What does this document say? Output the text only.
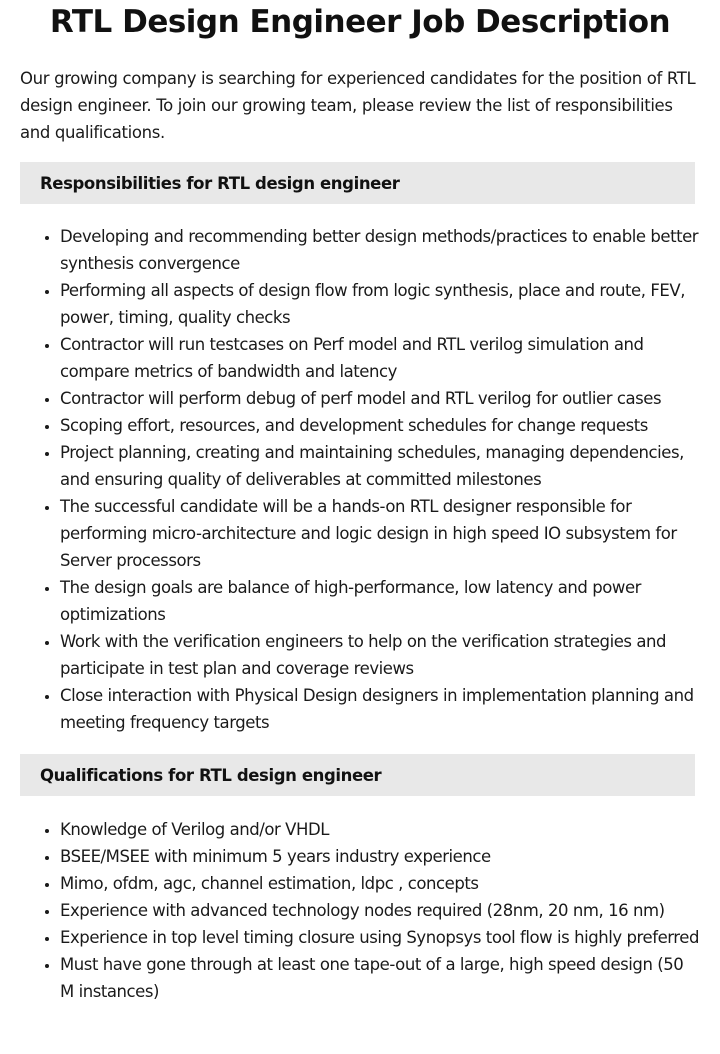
RTL Design Engineer Job Description

Our growing company is searching for experienced candidates for the position of RTL design engineer. To join our growing team, please review the list of responsibilities and qualifications.

Responsibilities for RTL design engineer
• Developing and recommending better design methods/practices to enable better synthesis convergence
• Performing all aspects of design flow from logic synthesis, place and route, FEV, power, timing, quality checks
• Contractor will run testcases on Perf model and RTL verilog simulation and compare metrics of bandwidth and latency
• Contractor will perform debug of perf model and RTL verilog for outlier cases
• Scoping effort, resources, and development schedules for change requests
• Project planning, creating and maintaining schedules, managing dependencies, and ensuring quality of deliverables at committed milestones
• The successful candidate will be a hands-on RTL designer responsible for performing micro-architecture and logic design in high speed IO subsystem for Server processors
• The design goals are balance of high-performance, low latency and power optimizations
• Work with the verification engineers to help on the verification strategies and participate in test plan and coverage reviews
• Close interaction with Physical Design designers in implementation planning and meeting frequency targets
Qualifications for RTL design engineer
• Knowledge of Verilog and/or VHDL
• BSEE/MSEE with minimum 5 years industry experience
• Mimo, ofdm, agc, channel estimation, ldpc , concepts
• Experience with advanced technology nodes required (28nm, 20 nm, 16 nm)
• Experience in top level timing closure using Synopsys tool flow is highly preferred
• Must have gone through at least one tape-out of a large, high speed design (50 M instances)
